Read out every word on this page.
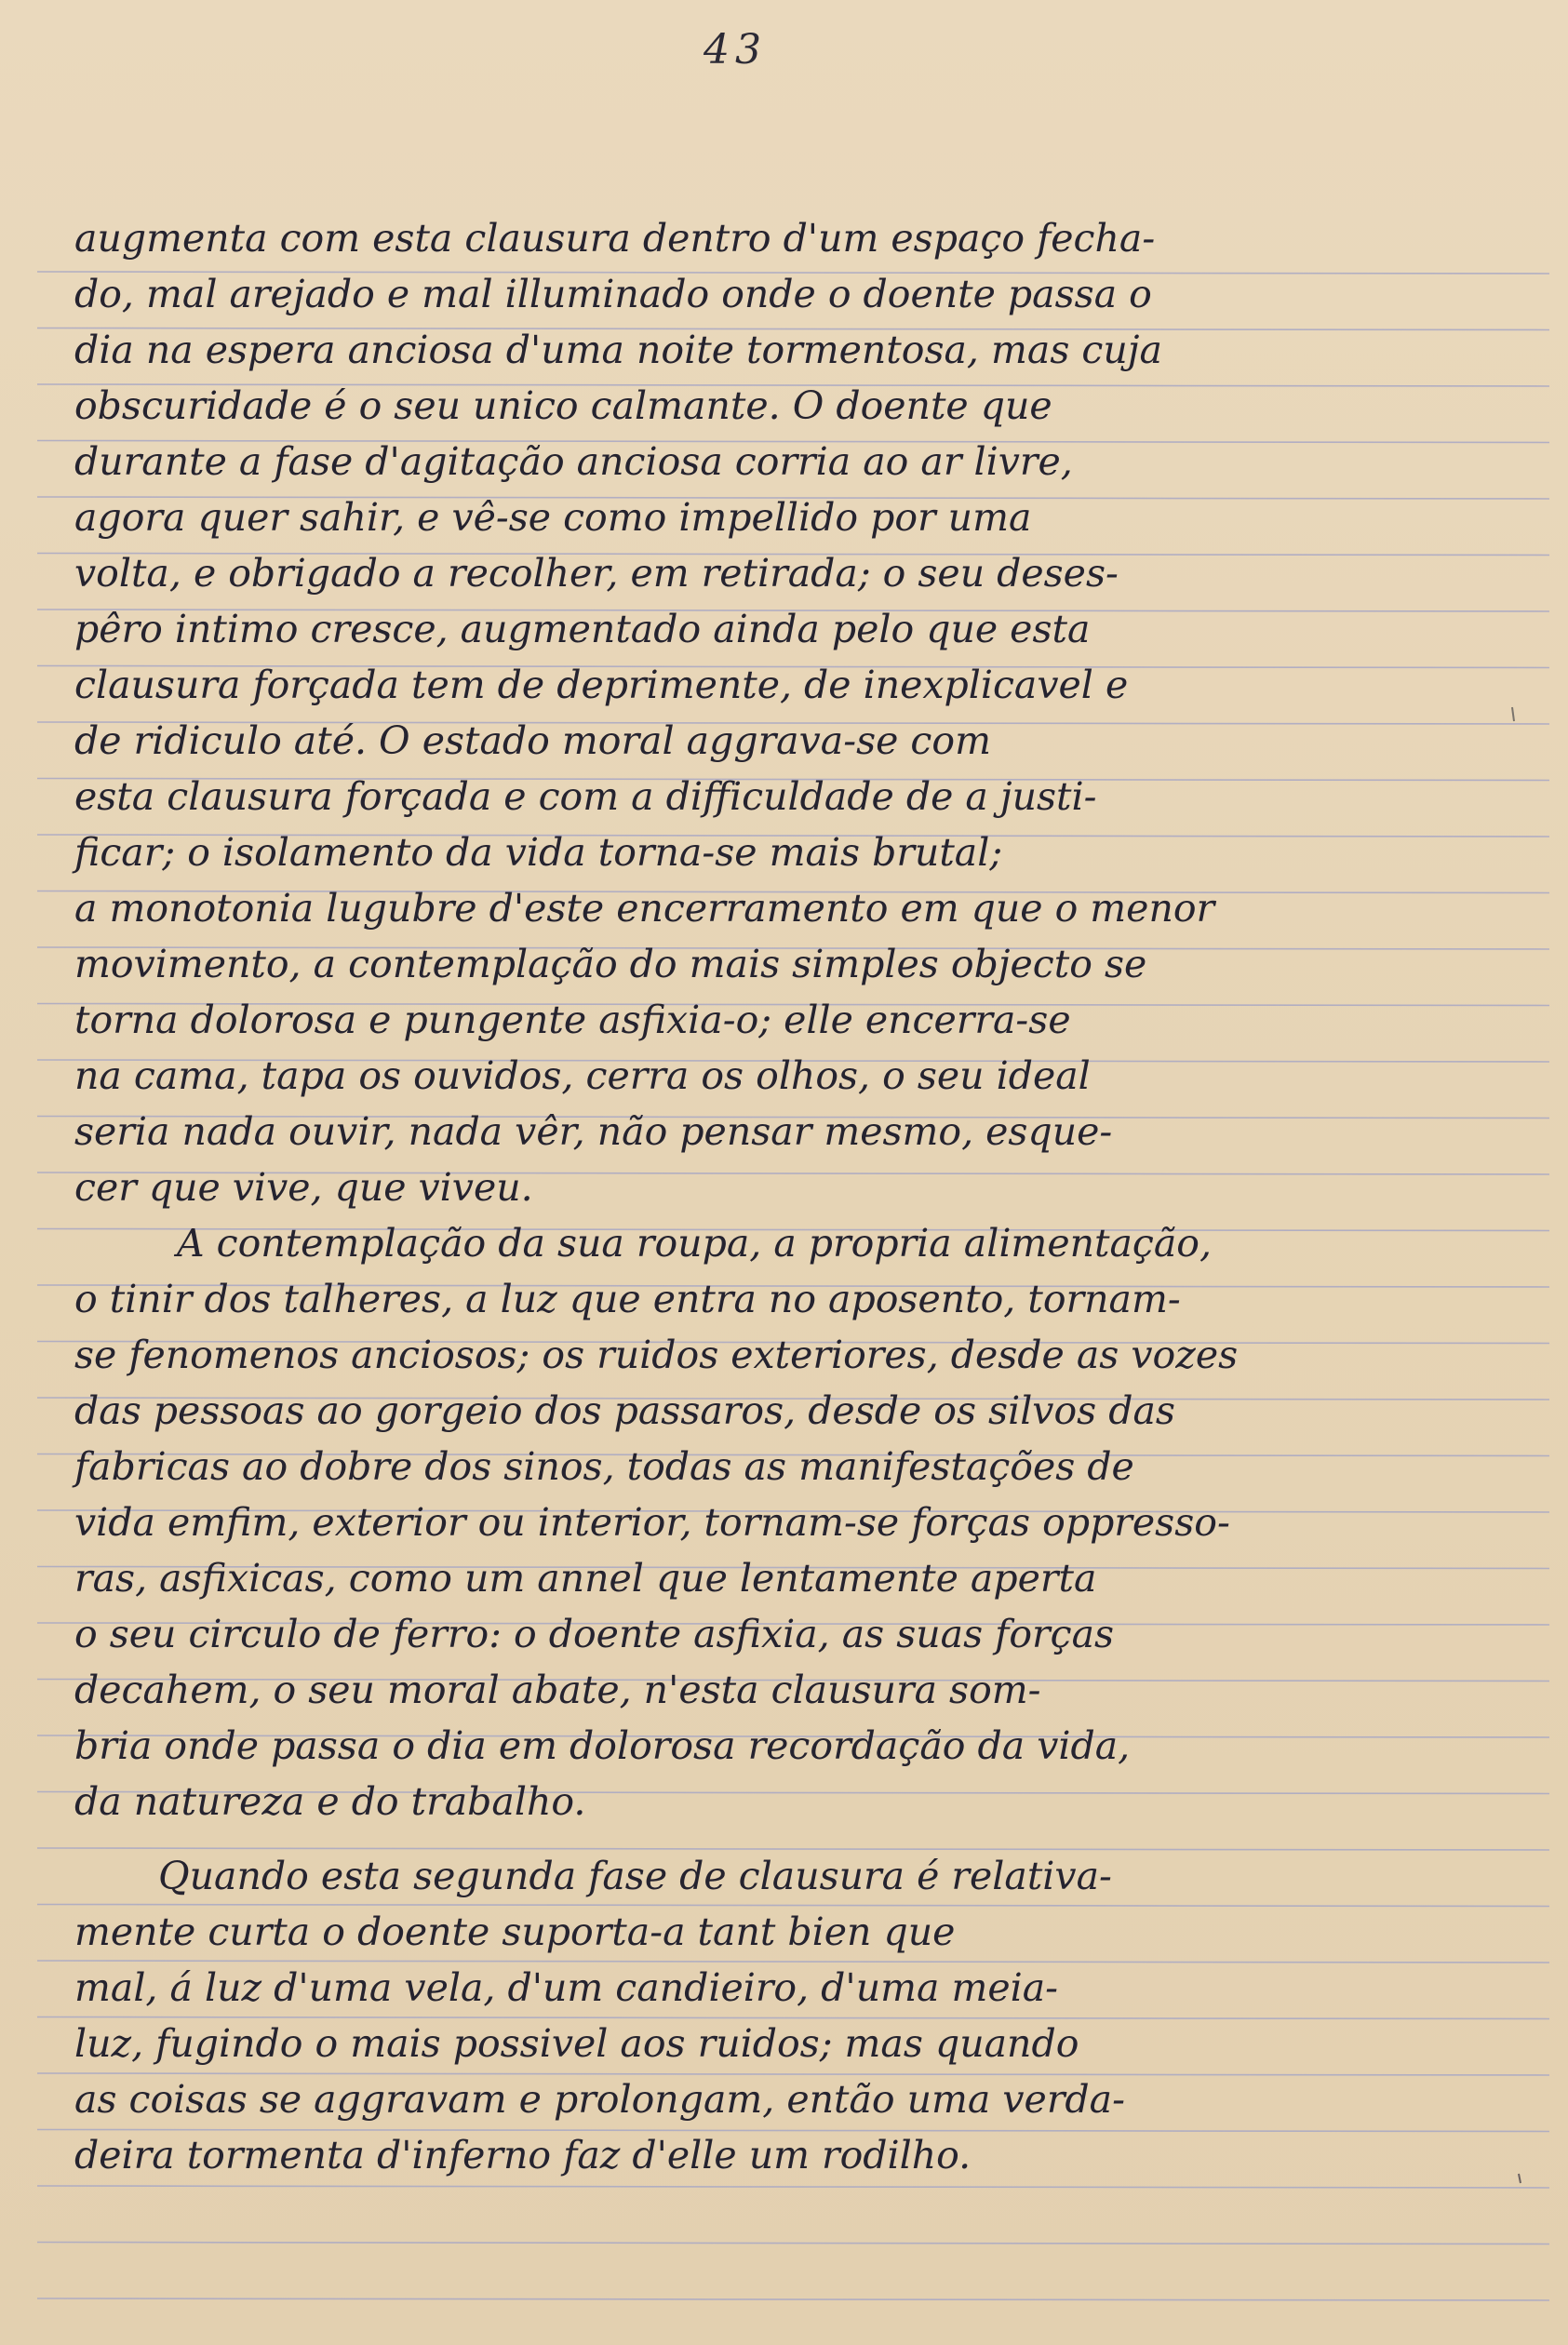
43
augmenta com esta clausura dentro d'um espaço fecha-
do, mal arejado e mal illuminado onde o doente passa o
dia na espera anciosa d'uma noite tormentosa, mas cuja
obscuridade é o seu unico calmante. O doente que
durante a fase d'agitação anciosa corria ao ar livre,
agora quer sahir, e vê-se como impellido por uma
volta, e obrigado a recolher, em retirada; o seu deses-
pêro intimo cresce, augmentado ainda pelo que esta
clausura forçada tem de deprimente, de inexplicavel e
de ridiculo até. O estado moral aggrava-se com
esta clausura forçada e com a difficuldade de a justi-
ficar; o isolamento da vida torna-se mais brutal;
a monotonia lugubre d'este encerramento em que o menor
movimento, a contemplação do mais simples objecto se
torna dolorosa e pungente asfixia-o; elle encerra-se
na cama, tapa os ouvidos, cerra os olhos, o seu ideal
seria nada ouvir, nada vêr, não pensar mesmo, esque-
cer que vive, que viveu.
A contemplação da sua roupa, a propria alimentação,
o tinir dos talheres, a luz que entra no aposento, tornam-
se fenomenos anciosos; os ruidos exteriores, desde as vozes
das pessoas ao gorgeio dos passaros, desde os silvos das
fabricas ao dobre dos sinos, todas as manifestações de
vida emfim, exterior ou interior, tornam-se forças oppresso-
ras, asfixicas, como um annel que lentamente aperta
o seu circulo de ferro: o doente asfixia, as suas forças
decahem, o seu moral abate, n'esta clausura som-
bria onde passa o dia em dolorosa recordação da vida,
da natureza e do trabalho.
Quando esta segunda fase de clausura é relativa-
mente curta o doente suporta-a tant bien que
mal, á luz d'uma vela, d'um candieiro, d'uma meia-
luz, fugindo o mais possivel aos ruidos; mas quando
as coisas se aggravam e prolongam, então uma verda-
deira tormenta d'inferno faz d'elle um rodilho.
